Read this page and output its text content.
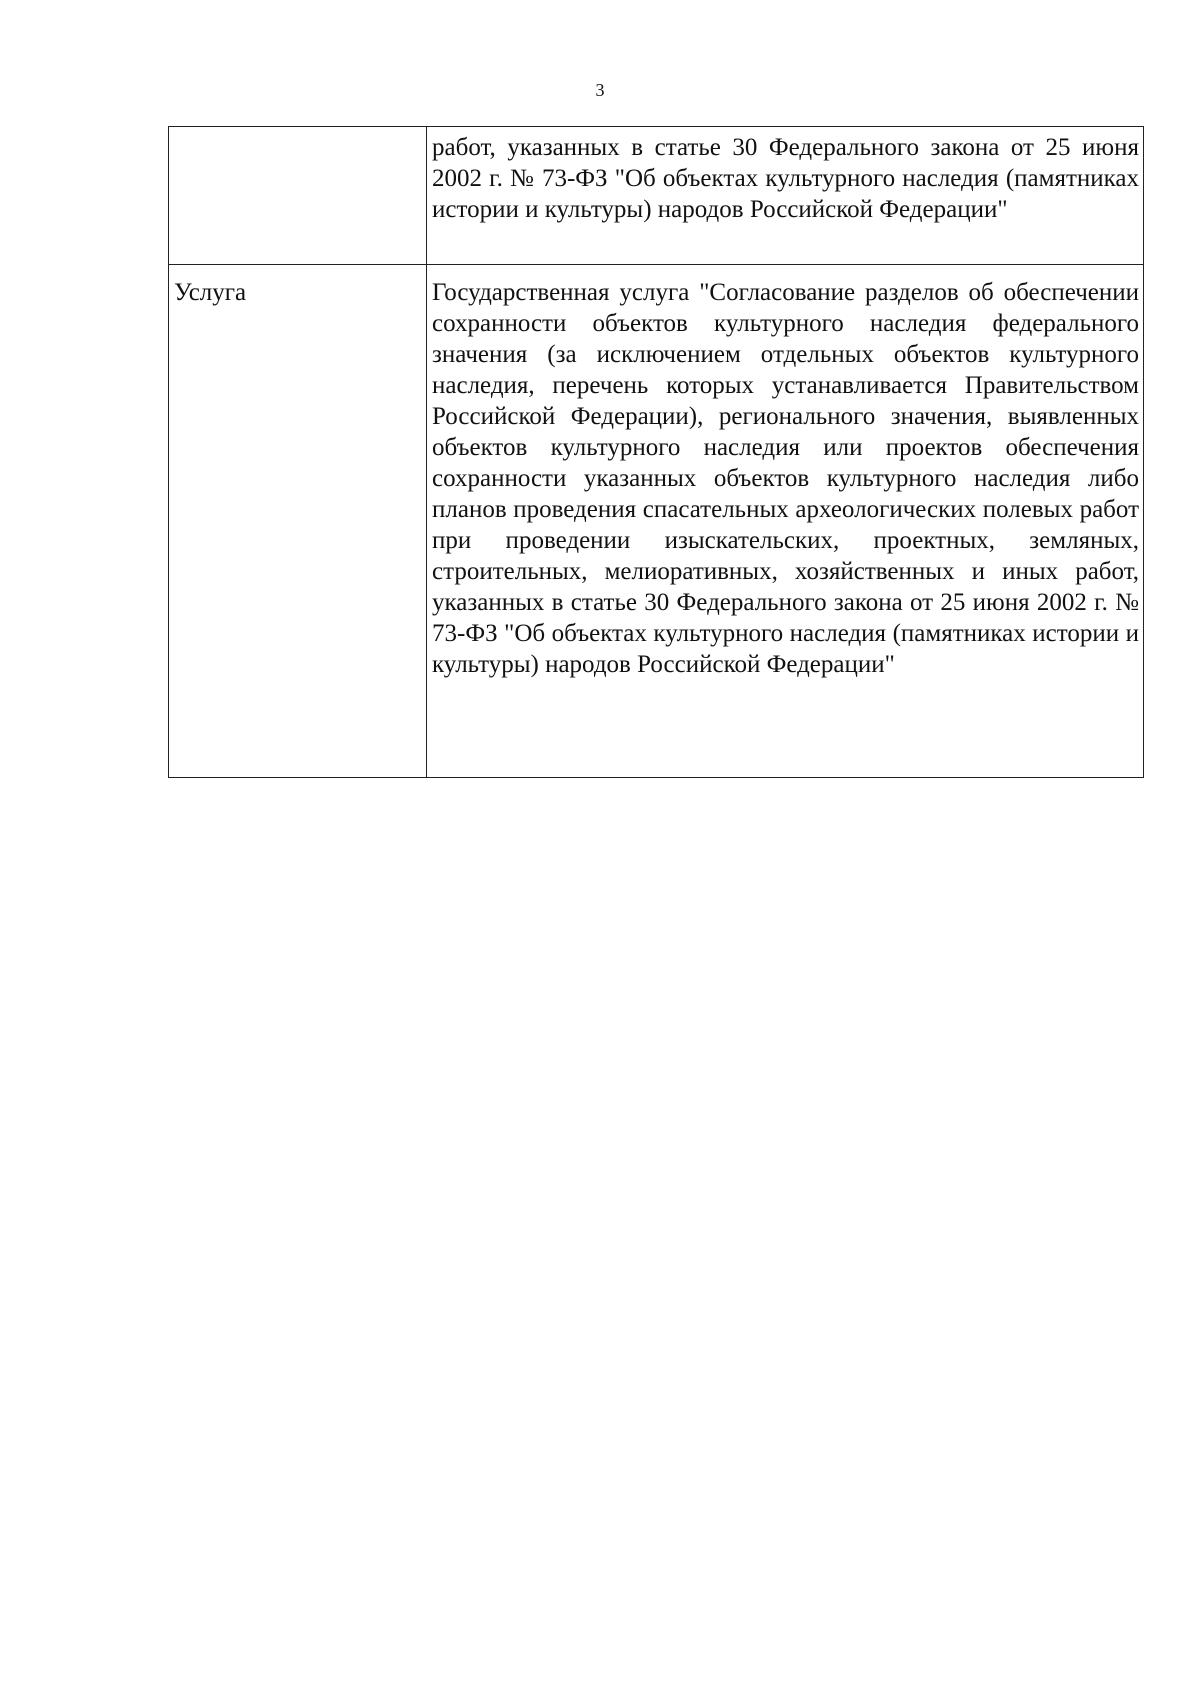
3
	работ, указанных в статье 30 Федерального закона от 25 июня 2002 г. № 73-ФЗ "Об объектах культурного наследия (памятниках истории и культуры) народов Российской Федерации"
Услуга	Государственная услуга "Согласование разделов об обеспечении сохранности объектов культурного наследия федерального значения (за исключением отдельных объектов культурного наследия, перечень которых устанавливается Правительством Российской Федерации), регионального значения, выявленных объектов культурного наследия или проектов обеспечения сохранности указанных объектов культурного наследия либо планов проведения спасательных археологических полевых работ при проведении изыскательских, проектных, земляных, строительных, мелиоративных, хозяйственных и иных работ, указанных в статье 30 Федерального закона от 25 июня 2002 г. № 73-ФЗ "Об объектах культурного наследия (памятниках истории и культуры) народов Российской Федерации"
